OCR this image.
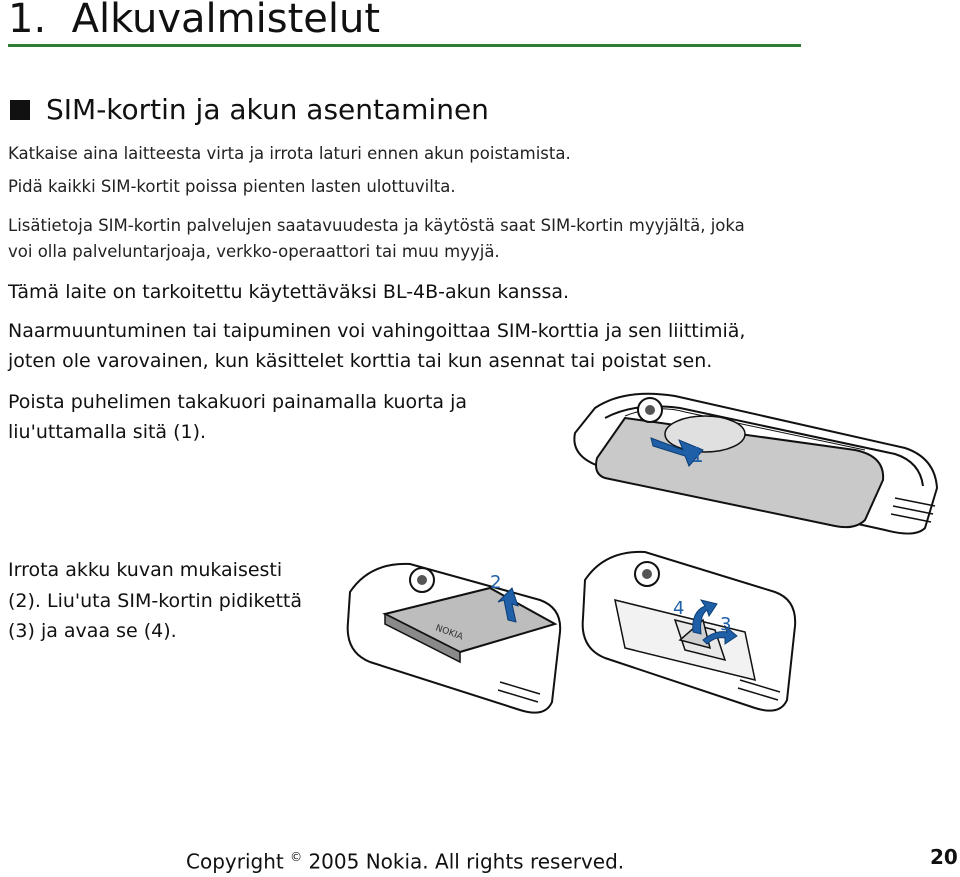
1. Alkuvalmistelut
SIM-kortin ja akun asentaminen

Katkaise aina laitteesta virta ja irrota laturi ennen akun poistamista.

Pidä kaikki SIM-kortit poissa pienten lasten ulottuvilta.

Lisätietoja SIM-kortin palvelujen saatavuudesta ja käytöstä saat SIM-kortin myyjältä, joka

voi olla palveluntarjoaja, verkko-operaattori tai muu myyjä.

Tämä laite on tarkoitettu käytettäväksi BL-4B-akun kanssa.

Naarmuuntuminen tai taipuminen voi vahingoittaa SIM-korttia ja sen liittimiä,

joten ole varovainen, kun käsittelet korttia tai kun asennat tai poistat sen.

Poista puhelimen takakuori painamalla kuorta ja

liu'uttamalla sitä (1).

Irrota akku kuvan mukaisesti

(2). Liu'uta SIM-kortin pidikettä

(3) ja avaa se (4).

1
NOKIA
2
4
3
Copyright © 2005 Nokia. All rights reserved.	20
